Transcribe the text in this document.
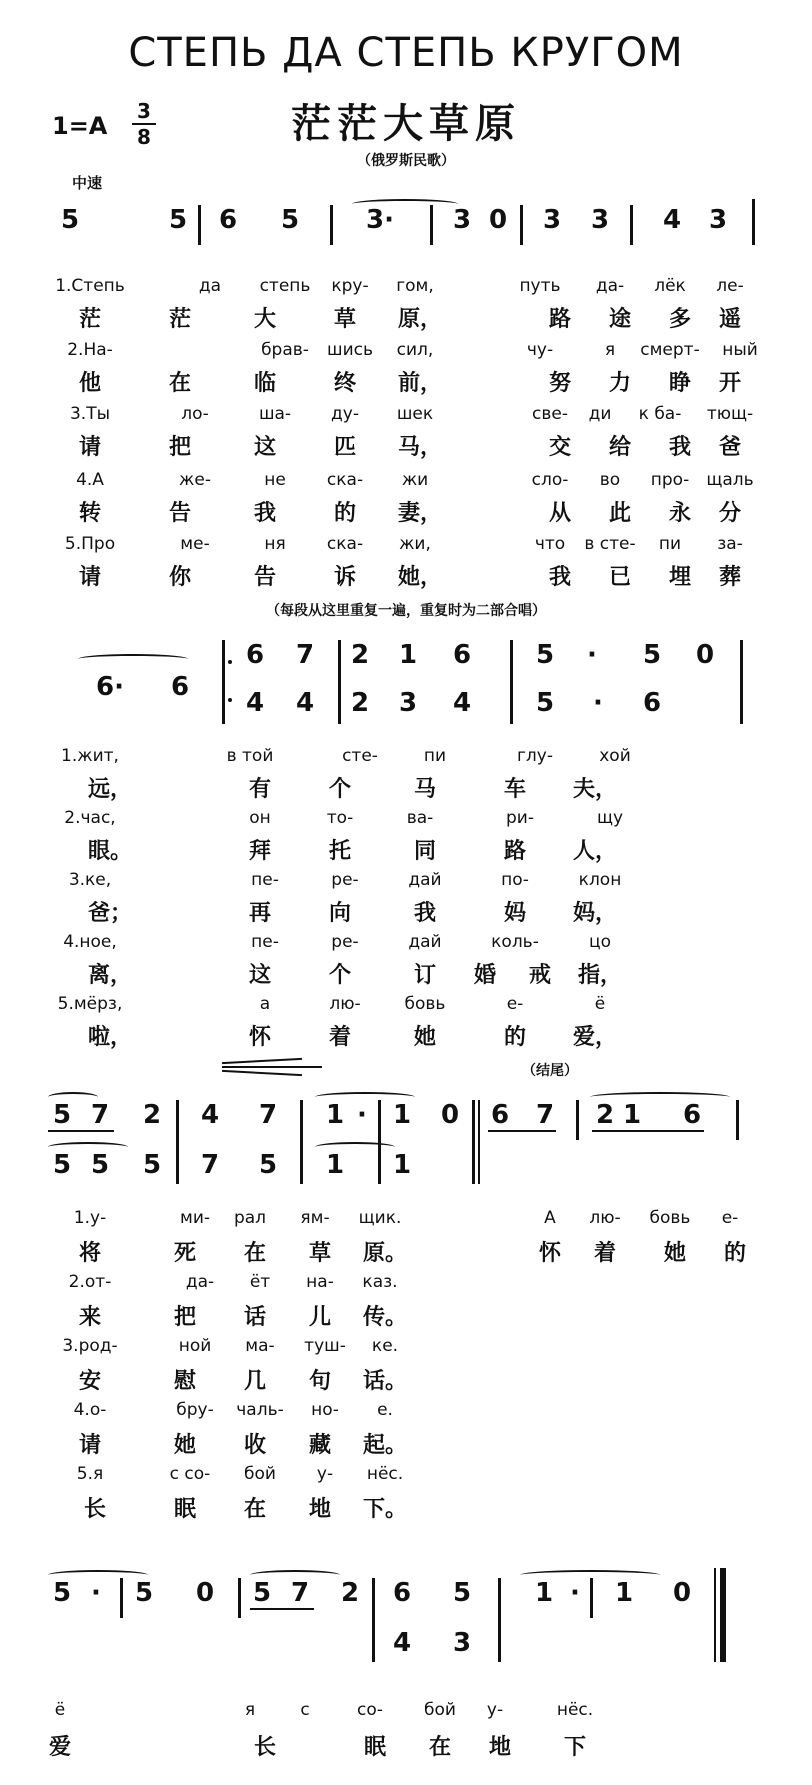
СТЕПЬ ДА СТЕПЬ КРУГОМ
茫茫大草原
1=A
3
8
（俄罗斯民歌）
中速
5	5 6 5	3· 3 0 3 3 4 3
1.Степь	да степь кру- гом,	путь да- лёк ле-
茫	茫	大	草 原，	路 途 多 遥
2.На-	брав- шись сил,	чу-	я смерт- ный
他	在	临	终 前，	努 力 睁 开
3.Ты	ло-	ша- ду- шек	све- ди к ба- тющ-
请	把	这	匹 马，	交 给 我 爸
4.А	же-	не ска- жи	сло- во про- щаль
转	告	我	的 妻，	从 此 永 分
5.Про	ме-	ня ска- жи,	что в сте- пи за-
请	你	告	诉 她，	我 已 埋 葬
（每段从这里重复一遍，重复时为二部合唱）
6· 6
6 7 2 1 6 5 · 5 0
4 4 2 3 4 5 · 6
1.жит,	в той	сте-	пи	глу-	хой
远，	有	个	马	车 夫，
2.час,	он	то-	ва-	ри-	щу
眼。	拜	托	同	路 人，
3.ке,	пе-	ре-	дай	по-	клон
爸；	再	向	我	妈 妈，
4.ное,	пе-	ре-	дай	коль-	цо
离，	这	个	订 婚 戒 指，
5.мёрз,	а	лю-	бовь	е-	ё
啦，	怀	着	她	的 爱，
（结尾）
5 7 2 4 7 1 · 1 0 6 7 2 1 6
5 5 5 7 5 1 1
1.у-	ми- рал ям- щик.	А лю- бовь е-
将	死 在 草 原。	怀 着 她 的
2.от-	да- ёт на- каз.
来	把 话 儿 传。
3.род-	ной ма- туш- ке.
安	慰 几 句 话。
4.о-	бру- чаль- но- е.
请	她 收 藏 起。
5.я	с со- бой у- нёс.
长	眠 在 地 下。
5 · 5 0 5 7 2 6 5 1 · 1 0
4 3
ё	я	с	со- бой у-	нёс.
爱	长	眠 在 地 下
